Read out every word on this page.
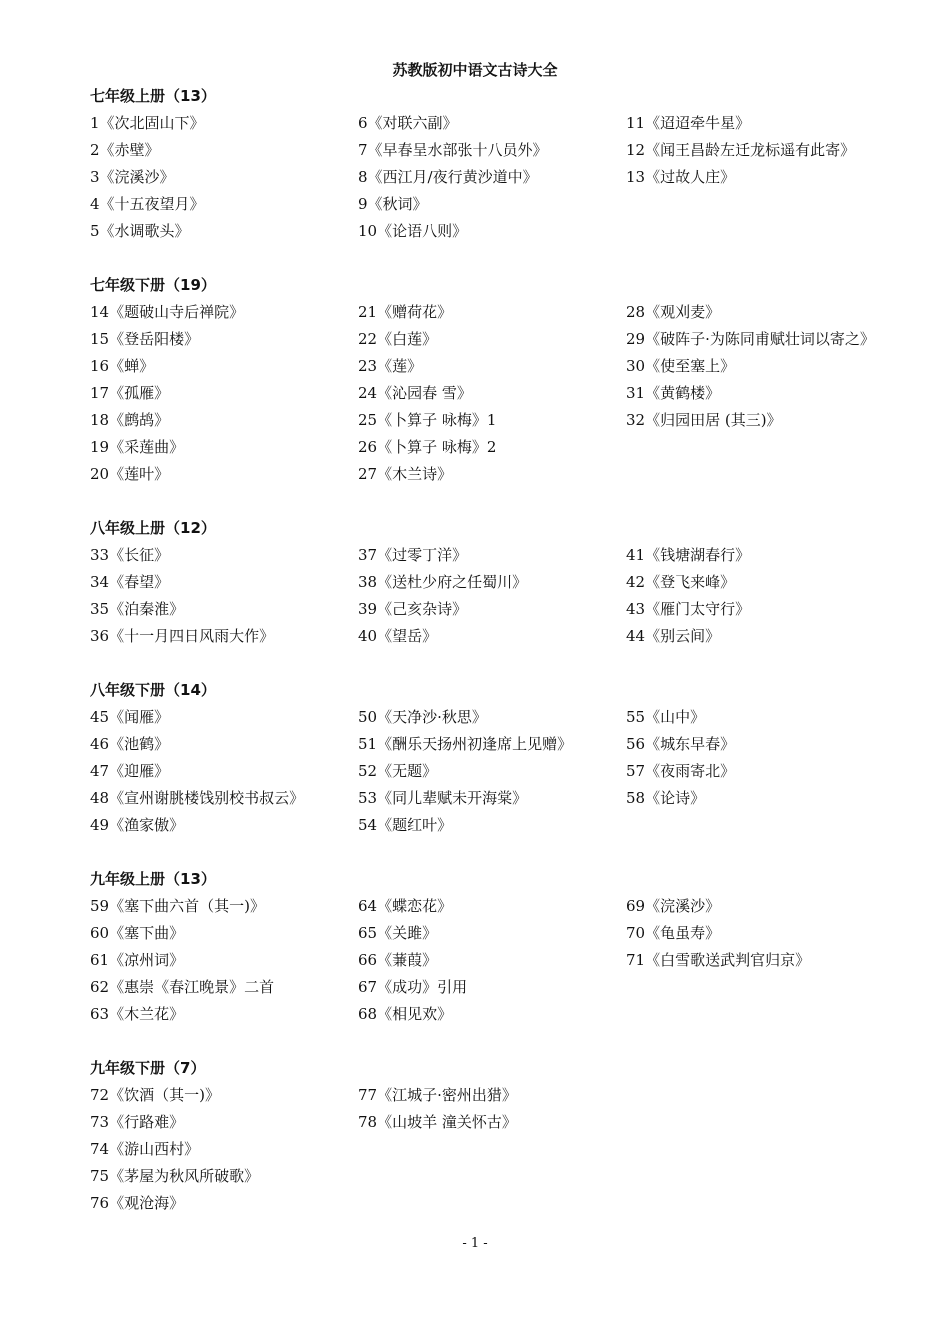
苏教版初中语文古诗大全
七年级上册（13）
1《次北固山下》	6《对联六副》	11《迢迢牵牛星》
2《赤壁》	7《早春呈水部张十八员外》	12《闻王昌龄左迁龙标遥有此寄》
3《浣溪沙》	8《西江月/夜行黄沙道中》	13《过故人庄》
4《十五夜望月》	9《秋词》
5《水调歌头》	10《论语八则》
七年级下册（19）
14《题破山寺后禅院》	21《赠荷花》	28《观刈麦》
15《登岳阳楼》	22《白莲》	29《破阵子·为陈同甫赋壮词以寄之》
16《蝉》	23《莲》	30《使至塞上》
17《孤雁》	24《沁园春 雪》	31《黄鹤楼》
18《鹧鸪》	25《卜算子 咏梅》1	32《归园田居 (其三)》
19《采莲曲》	26《卜算子 咏梅》2
20《莲叶》	27《木兰诗》
八年级上册（12）
33《长征》	37《过零丁洋》	41《钱塘湖春行》
34《春望》	38《送杜少府之任蜀川》	42《登飞来峰》
35《泊秦淮》	39《己亥杂诗》	43《雁门太守行》
36《十一月四日风雨大作》	40《望岳》	44《别云间》
八年级下册（14）
45《闻雁》	50《天净沙·秋思》	55《山中》
46《池鹤》	51《酬乐天扬州初逢席上见赠》	56《城东早春》
47《迎雁》	52《无题》	57《夜雨寄北》
48《宣州谢朓楼饯别校书叔云》	53《同儿辈赋未开海棠》	58《论诗》
49《渔家傲》	54《题红叶》
九年级上册（13）
59《塞下曲六首（其一)》	64《蝶恋花》	69《浣溪沙》
60《塞下曲》	65《关雎》	70《龟虽寿》
61《凉州词》	66《蒹葭》	71《白雪歌送武判官归京》
62《惠崇《春江晚景》二首	67《成功》引用
63《木兰花》	68《相见欢》
九年级下册（7）
72《饮酒（其一)》	77《江城子·密州出猎》
73《行路难》	78《山坡羊 潼关怀古》
74《游山西村》
75《茅屋为秋风所破歌》
76《观沧海》
- 1 -
